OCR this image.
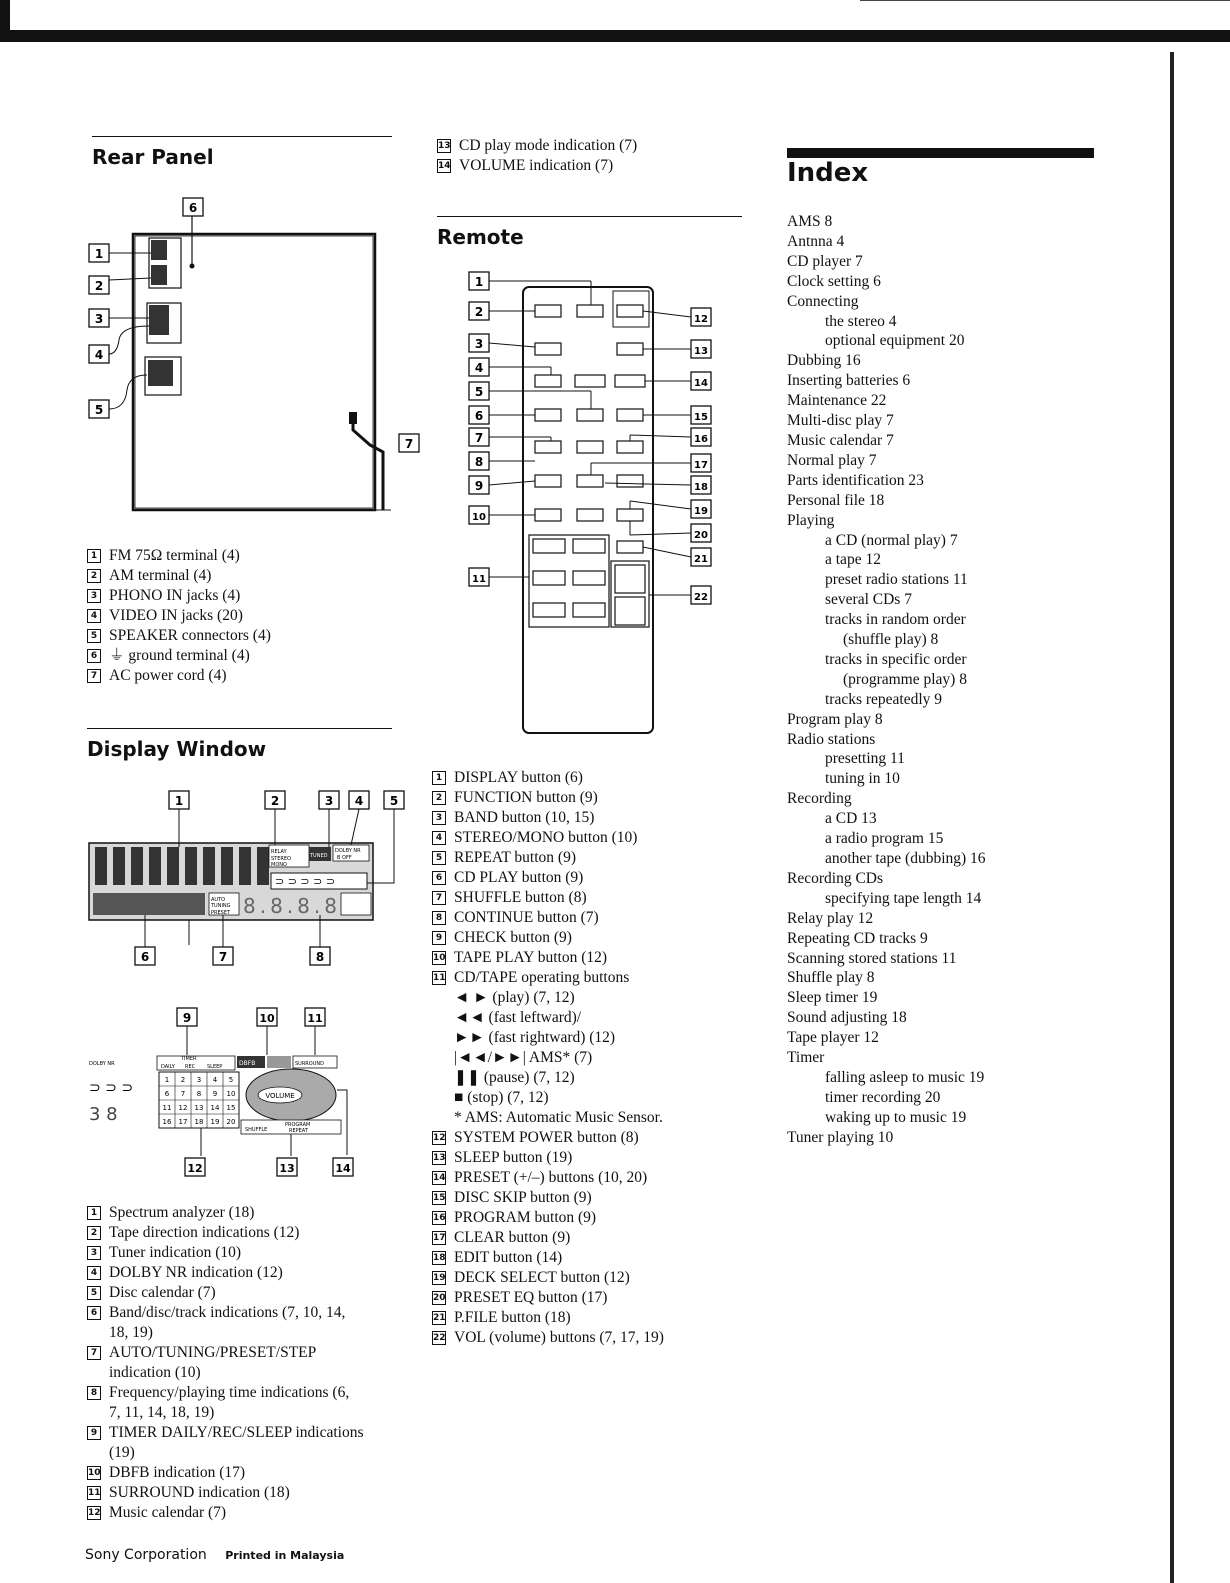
Rear Panel
6
7
1
2
3
4
5
1 FM 75Ω terminal (4)
2 AM terminal (4)
3 PHONO IN jacks (4)
4 VIDEO IN jacks (20)
5 SPEAKER connectors (4)
6 ⏚ ground terminal (4)
7 AC power cord (4)
Display Window
RELAY
STEREO
MONO
TUNED
DOLBY NR
B OFF
⊃ ⊃ ⊃ ⊃ ⊃
AUTO
TUNING
PRESET 8.8.8.8
1	2	3 4 5
6	7	8
9	10	11
DOLBY NR
⊃ ⊃ ⊃
3 8
TIMER
DAILY REC SLEEP	DBFB	SURROUND
1 2 3 4 5
6 7 8 9 10
11 12 13 14 15
16 17 18 19 20
VOLUME
SHUFFLE
PROGRAM
REPEAT
12	13	14
1 Spectrum analyzer (18)
2 Tape direction indications (12)
3 Tuner indication (10)
4 DOLBY NR indication (12)
5 Disc calendar (7)
6 Band/disc/track indications (7, 10, 14,
18, 19)
7 AUTO/TUNING/PRESET/STEP
indication (10)
8 Frequency/playing time indications (6,
7, 11, 14, 18, 19)
9 TIMER DAILY/REC/SLEEP indications
(19)
10 DBFB indication (17)
11 SURROUND indication (18)
12 Music calendar (7)
13 CD play mode indication (7)
14 VOLUME indication (7)
Remote
1
2
3
4
5
6
7
8
9
10
11
12
13
14
15
16
17
18
19
20
21
22
1 DISPLAY button (6)
2 FUNCTION button (9)
3 BAND button (10, 15)
4 STEREO/MONO button (10)
5 REPEAT button (9)
6 CD PLAY button (9)
7 SHUFFLE button (8)
8 CONTINUE button (7)
9 CHECK button (9)
10 TAPE PLAY button (12)
11 CD/TAPE operating buttons
◄ ► (play) (7, 12)
◄◄ (fast leftward)/
►► (fast rightward) (12)
|◄◄/►►| AMS* (7)
❚❚ (pause) (7, 12)
■ (stop) (7, 12)
* AMS: Automatic Music Sensor.
12 SYSTEM POWER button (8)
13 SLEEP button (19)
14 PRESET (+/–) buttons (10, 20)
15 DISC SKIP button (9)
16 PROGRAM button (9)
17 CLEAR button (9)
18 EDIT button (14)
19 DECK SELECT button (12)
20 PRESET EQ button (17)
21 P.FILE button (18)
22 VOL (volume) buttons (7, 17, 19)
Index
AMS 8
Antnna 4
CD player 7
Clock setting 6
Connecting
the stereo 4
optional equipment 20
Dubbing 16
Inserting batteries 6
Maintenance 22
Multi-disc play 7
Music calendar 7
Normal play 7
Parts identification 23
Personal file 18
Playing
a CD (normal play) 7
a tape 12
preset radio stations 11
several CDs 7
tracks in random order
(shuffle play) 8
tracks in specific order
(programme play) 8
tracks repeatedly 9
Program play 8
Radio stations
presetting 11
tuning in 10
Recording
a CD 13
a radio program 15
another tape (dubbing) 16
Recording CDs
specifying tape length 14
Relay play 12
Repeating CD tracks 9
Scanning stored stations 11
Shuffle play 8
Sleep timer 19
Sound adjusting 18
Tape player 12
Timer
falling asleep to music 19
timer recording 20
waking up to music 19
Tuner playing 10
Sony Corporation Printed in Malaysia
